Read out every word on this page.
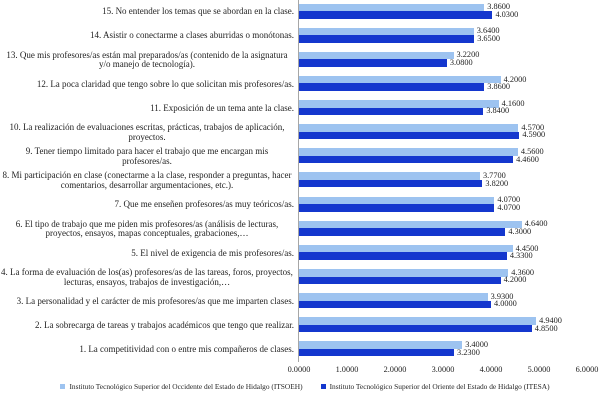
15. No entender los temas que se abordan en la clase.	3.8600
4.0300
14. Asistir o conectarme a clases aburridas o monótonas.	3.6400
3.6500
13. Que mis profesores/as están mal preparados/as (contenido de la asignatura y/o manejo de tecnología).
3.2200
3.0800
12. La poca claridad que tengo sobre lo que solicitan mis profesores/as.	4.2000
3.8600
11. Exposición de un tema ante la clase.	4.1600
3.8400
10. La realización de evaluaciones escritas, prácticas, trabajos de aplicación, proyectos.
4.5700
4.5900
9. Tener tiempo limitado para hacer el trabajo que me encargan mis profesores/as.
4.5600
4.4600
8. Mi participación en clase (conectarme a la clase, responder a preguntas, hacer comentarios, desarrollar argumentaciones, etc.).
3.7700
3.8200
7. Que me enseñen profesores/as muy teóricos/as.	4.0700
4.0700
6. El tipo de trabajo que me piden mis profesores/as (análisis de lecturas, proyectos, ensayos, mapas conceptuales, grabaciones,…
4.6400
4.3000
5. El nivel de exigencia de mis profesores/as.	4.4500
4.3300
4. La forma de evaluación de los(as) profesores/as de las tareas, foros, proyectos, lecturas, ensayos, trabajos de investigación,…
4.3600
4.2000
3. La personalidad y el carácter de mis profesores/as que me imparten clases.	3.9300
4.0000
2. La sobrecarga de tareas y trabajos académicos que tengo que realizar.	4.9400
4.8500
1. La competitividad con o entre mis compañeros de clases.	3.4000
3.2300
0.0000	1.0000	2.0000	3.0000	4.0000	5.0000	6.0000
Instituto Tecnológico Superior del Occidente del Estado de Hidalgo (ITSOEH)	Instituto Tecnológico Superior del Oriente del Estado de Hidalgo (ITESA)
